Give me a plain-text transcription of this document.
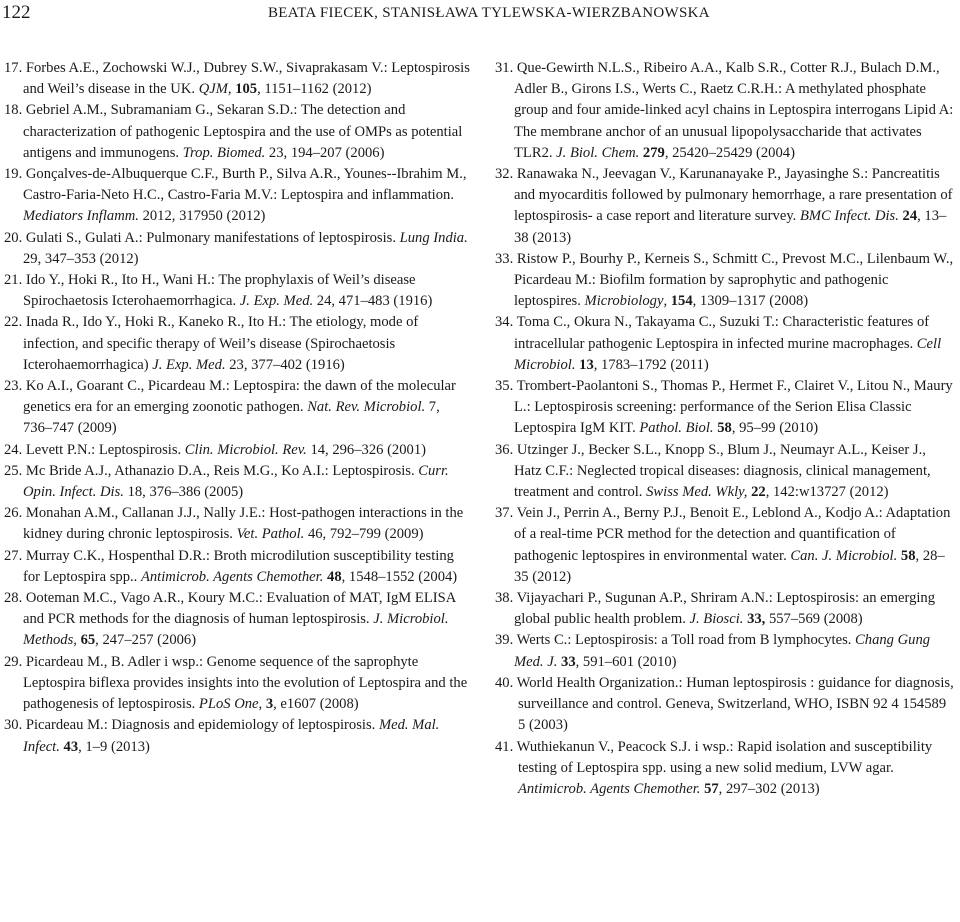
122	BEATA FIECEK, STANISŁAWA TYLEWSKA-WIERZBANOWSKA
17. Forbes A.E., Zochowski W.J., Dubrey S.W., Sivaprakasam V.: Leptospirosis and Weil’s disease in the UK. QJM, 105, 1151–1162 (2012)
18. Gebriel A.M., Subramaniam G., Sekaran S.D.: The detection and characterization of pathogenic Leptospira and the use of OMPs as potential antigens and immunogens. Trop. Biomed. 23, 194–207 (2006)
19. Gonçalves-de-Albuquerque C.F., Burth P., Silva A.R., Younes--Ibrahim M., Castro-Faria-Neto H.C., Castro-Faria M.V.: Leptospira and inflammation. Mediators Inflamm. 2012, 317950 (2012)
20. Gulati S., Gulati A.: Pulmonary manifestations of leptospirosis. Lung India. 29, 347–353 (2012)
21. Ido Y., Hoki R., Ito H., Wani H.: The prophylaxis of Weil’s disease Spirochaetosis Icterohaemorrhagica. J. Exp. Med. 24, 471–483 (1916)
22. Inada R., Ido Y., Hoki R., Kaneko R., Ito H.: The etiology, mode of infection, and specific therapy of Weil’s disease (Spirochaetosis Icterohaemorrhagica) J. Exp. Med. 23, 377–402 (1916)
23. Ko A.I., Goarant C., Picardeau M.: Leptospira: the dawn of the molecular genetics era for an emerging zoonotic pathogen. Nat. Rev. Microbiol. 7, 736–747 (2009)
24. Levett P.N.: Leptospirosis. Clin. Microbiol. Rev. 14, 296–326 (2001)
25. Mc Bride A.J., Athanazio D.A., Reis M.G., Ko A.I.: Leptospirosis. Curr. Opin. Infect. Dis. 18, 376–386 (2005)
26. Monahan A.M., Callanan J.J., Nally J.E.: Host-pathogen interactions in the kidney during chronic leptospirosis. Vet. Pathol. 46, 792–799 (2009)
27. Murray C.K., Hospenthal D.R.: Broth microdilution susceptibility testing for Leptospira spp.. Antimicrob. Agents Chemother. 48, 1548–1552 (2004)
28. Ooteman M.C., Vago A.R., Koury M.C.: Evaluation of MAT, IgM ELISA and PCR methods for the diagnosis of human leptospirosis. J. Microbiol. Methods, 65, 247–257 (2006)
29. Picardeau M., B. Adler i wsp.: Genome sequence of the saprophyte Leptospira biflexa provides insights into the evolution of Leptospira and the pathogenesis of leptospirosis. PLoS One, 3, e1607 (2008)
30. Picardeau M.: Diagnosis and epidemiology of leptospirosis. Med. Mal. Infect. 43, 1–9 (2013)
31. Que-Gewirth N.L.S., Ribeiro A.A., Kalb S.R., Cotter R.J., Bulach D.M., Adler B., Girons I.S., Werts C., Raetz C.R.H.: A methylated phosphate group and four amide-linked acyl chains in Leptospira interrogans Lipid A: The membrane anchor of an unusual lipopolysaccharide that activates TLR2. J. Biol. Chem. 279, 25420–25429 (2004)
32. Ranawaka N., Jeevagan V., Karunanayake P., Jayasinghe S.: Pancreatitis and myocarditis followed by pulmonary hemorrhage, a rare presentation of leptospirosis- a case report and literature survey. BMC Infect. Dis. 24, 13–38 (2013)
33. Ristow P., Bourhy P., Kerneis S., Schmitt C., Prevost M.C., Lilenbaum W., Picardeau M.: Biofilm formation by saprophytic and pathogenic leptospires. Microbiology, 154, 1309–1317 (2008)
34. Toma C., Okura N., Takayama C., Suzuki T.: Characteristic features of intracellular pathogenic Leptospira in infected murine macrophages. Cell Microbiol. 13, 1783–1792 (2011)
35. Trombert-Paolantoni S., Thomas P., Hermet F., Clairet V., Litou N., Maury L.: Leptospirosis screening: performance of the Serion Elisa Classic Leptospira IgM KIT. Pathol. Biol. 58, 95–99 (2010)
36. Utzinger J., Becker S.L., Knopp S., Blum J., Neumayr A.L., Keiser J., Hatz C.F.: Neglected tropical diseases: diagnosis, clinical management, treatment and control. Swiss Med. Wkly, 22, 142:w13727 (2012)
37. Vein J., Perrin A., Berny P.J., Benoit E., Leblond A., Kodjo A.: Adaptation of a real-time PCR method for the detection and quantification of pathogenic leptospires in environmental water. Can. J. Microbiol. 58, 28–35 (2012)
38. Vijayachari P., Sugunan A.P., Shriram A.N.: Leptospirosis: an emerging global public health problem. J. Biosci. 33, 557–569 (2008)
39. Werts C.: Leptospirosis: a Toll road from B lymphocytes. Chang Gung Med. J. 33, 591–601 (2010)
40. World Health Organization.: Human leptospirosis : guidance for diagnosis, surveillance and control. Geneva, Switzerland, WHO, ISBN 92 4 154589 5 (2003)
41. Wuthiekanun V., Peacock S.J. i wsp.: Rapid isolation and susceptibility testing of Leptospira spp. using a new solid medium, LVW agar. Antimicrob. Agents Chemother. 57, 297–302 (2013)
